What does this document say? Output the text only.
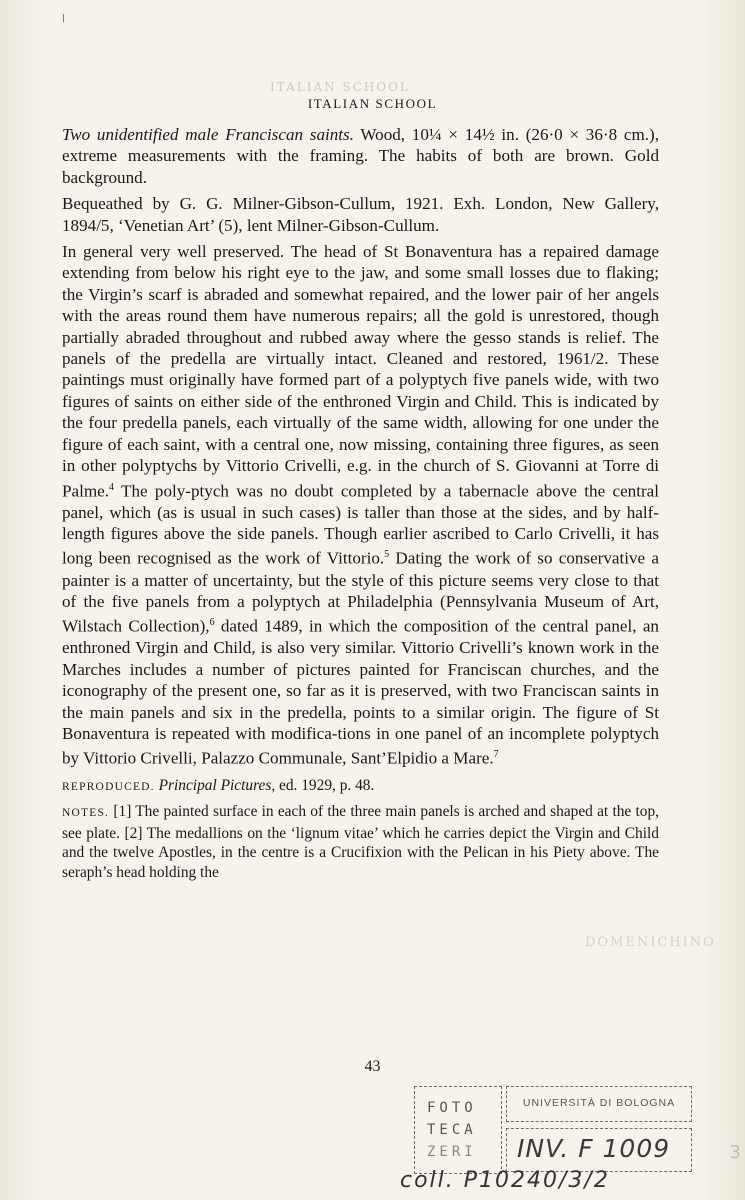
ITALIAN SCHOOL
DOMENICHINO
ITALIAN SCHOOL

Two unidentified male Franciscan saints. Wood, 10¼ × 14½ in. (26·0 × 36·8 cm.), extreme measurements with the framing. The habits of both are brown. Gold background.

Bequeathed by G. G. Milner-Gibson-Cullum, 1921. Exh. London, New Gallery, 1894/5, ‘Venetian Art’ (5), lent Milner-Gibson-Cullum.

In general very well preserved. The head of St Bonaventura has a repaired damage extending from below his right eye to the jaw, and some small losses due to flaking; the Virgin’s scarf is abraded and somewhat repaired, and the lower pair of her angels with the areas round them have numerous repairs; all the gold is unrestored, though partially abraded throughout and rubbed away where the gesso stands is relief. The panels of the predella are virtually intact. Cleaned and restored, 1961/2. These paintings must originally have formed part of a polyptych five panels wide, with two figures of saints on either side of the enthroned Virgin and Child. This is indicated by the four predella panels, each virtually of the same width, allowing for one under the figure of each saint, with a central one, now missing, containing three figures, as seen in other polyptychs by Vittorio Crivelli, e.g. in the church of S. Giovanni at Torre di Palme.$^4$ The poly-ptych was no doubt completed by a tabernacle above the central panel, which (as is usual in such cases) is taller than those at the sides, and by half-length figures above the side panels. Though earlier ascribed to Carlo Crivelli, it has long been recognised as the work of Vittorio.$^5$ Dating the work of so conservative a painter is a matter of uncertainty, but the style of this picture seems very close to that of the five panels from a polyptych at Philadelphia (Pennsylvania Museum of Art, Wilstach Collection),$^6$ dated 1489, in which the composition of the central panel, an enthroned Virgin and Child, is also very similar. Vittorio Crivelli’s known work in the Marches includes a number of pictures painted for Franciscan churches, and the iconography of the present one, so far as it is preserved, with two Franciscan saints in the main panels and six in the predella, points to a similar origin. The figure of St Bonaventura is repeated with modifica-tions in one panel of an incomplete polyptych by Vittorio Crivelli, Palazzo Communale, Sant’Elpidio a Mare.$^7$

REPRODUCED. Principal Pictures, ed. 1929, p. 48.

NOTES. [1] The painted surface in each of the three main panels is arched and shaped at the top, see plate. [2] The medallions on the ‘lignum vitae’ which he carries depict the Virgin and Child and the twelve Apostles, in the centre is a Crucifixion with the Pelican in his Piety above. The seraph’s head holding the

43
FOTO
TECA
ZERI
UNIVERSITÀ DI BOLOGNA
INV. F 1009
coll. P10240/3/2
3
